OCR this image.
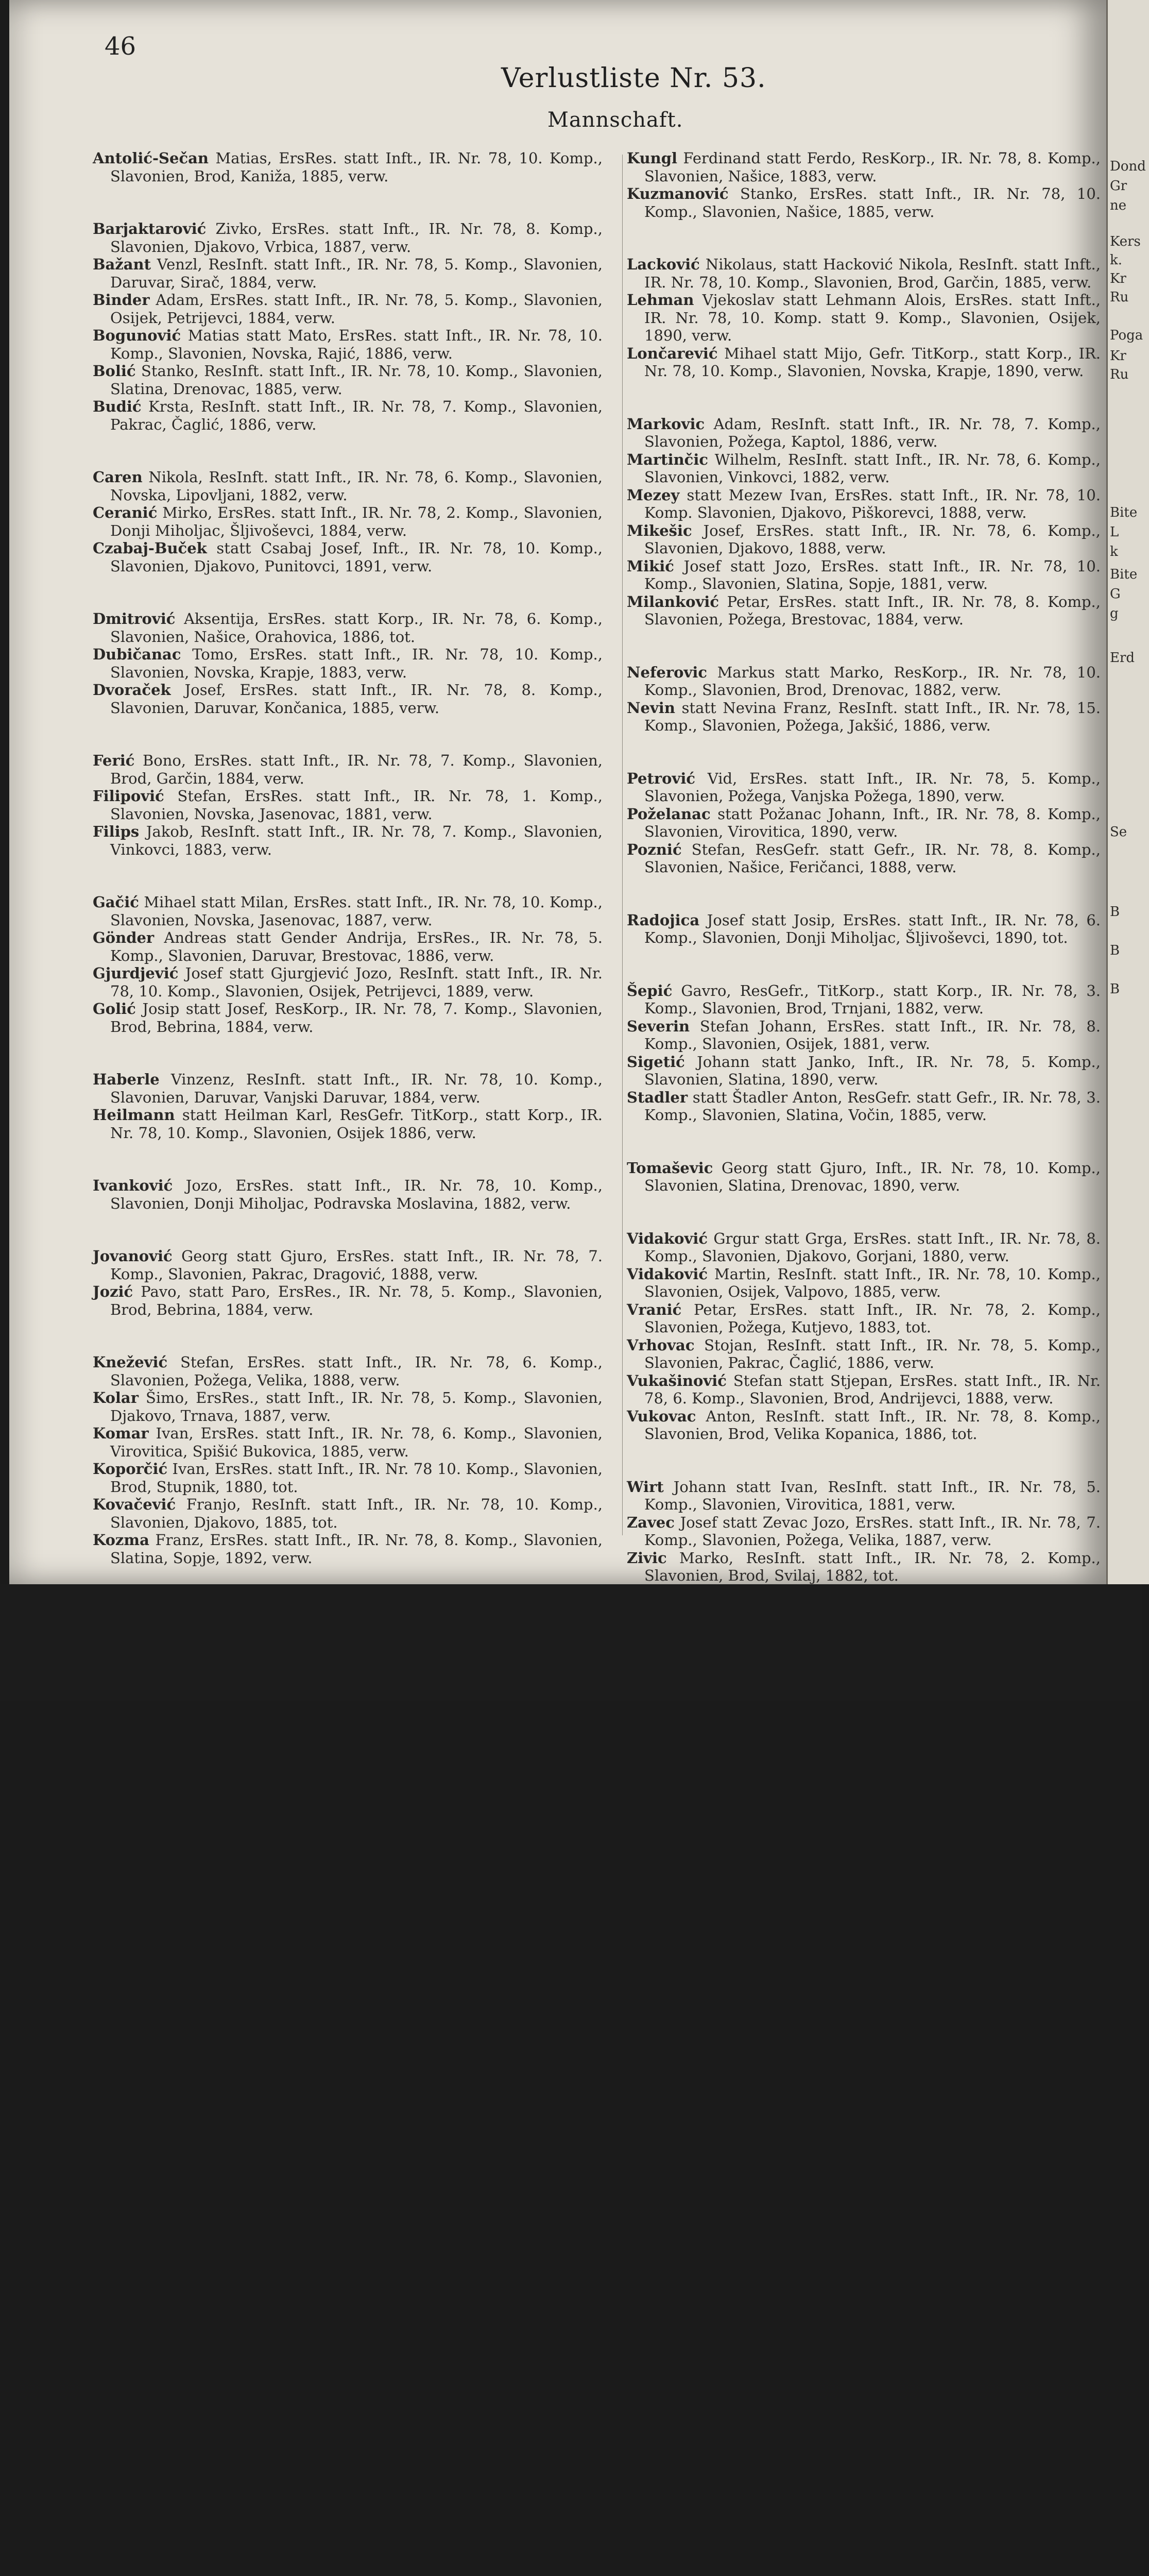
46
Verlustliste Nr. 53.
Mannschaft.
Dond
Gr
ne
Kers
k.
Kr
Ru
Poga
Kr
Ru
Bite
L
k
Bite
G
g
Erd
Se
B
B
B

Antolić-Sečan Matias, ErsRes. statt Inft., IR. Nr. 78, 10. Komp., Slavonien, Brod, Kaniža, 1885, verw.

Barjaktarović Zivko, ErsRes. statt Inft., IR. Nr. 78, 8. Komp., Slavonien, Djakovo, Vrbica, 1887, verw.

Bažant Venzl, ResInft. statt Inft., IR. Nr. 78, 5. Komp., Slavonien, Daruvar, Sirač, 1884, verw.

Binder Adam, ErsRes. statt Inft., IR. Nr. 78, 5. Komp., Slavonien, Osijek, Petrijevci, 1884, verw.

Bogunović Matias statt Mato, ErsRes. statt Inft., IR. Nr. 78, 10. Komp., Slavonien, Novska, Rajić, 1886, verw.

Bolić Stanko, ResInft. statt Inft., IR. Nr. 78, 10. Komp., Slavonien, Slatina, Drenovac, 1885, verw.

Budić Krsta, ResInft. statt Inft., IR. Nr. 78, 7. Komp., Slavonien, Pakrac, Čaglić, 1886, verw.

Caren Nikola, ResInft. statt Inft., IR. Nr. 78, 6. Komp., Slavonien, Novska, Lipovljani, 1882, verw.

Ceranić Mirko, ErsRes. statt Inft., IR. Nr. 78, 2. Komp., Slavonien, Donji Miholjac, Šljivoševci, 1884, verw.

Czabaj-Buček statt Csabaj Josef, Inft., IR. Nr. 78, 10. Komp., Slavonien, Djakovo, Punitovci, 1891, verw.

Dmitrović Aksentija, ErsRes. statt Korp., IR. Nr. 78, 6. Komp., Slavonien, Našice, Orahovica, 1886, tot.

Dubičanac Tomo, ErsRes. statt Inft., IR. Nr. 78, 10. Komp., Slavonien, Novska, Krapje, 1883, verw.

Dvoraček Josef, ErsRes. statt Inft., IR. Nr. 78, 8. Komp., Slavonien, Daruvar, Končanica, 1885, verw.

Ferić Bono, ErsRes. statt Inft., IR. Nr. 78, 7. Komp., Slavonien, Brod, Garčin, 1884, verw.

Filipović Stefan, ErsRes. statt Inft., IR. Nr. 78, 1. Komp., Slavonien, Novska, Jasenovac, 1881, verw.

Filips Jakob, ResInft. statt Inft., IR. Nr. 78, 7. Komp., Slavonien, Vinkovci, 1883, verw.

Gačić Mihael statt Milan, ErsRes. statt Inft., IR. Nr. 78, 10. Komp., Slavonien, Novska, Jasenovac, 1887, verw.

Gönder Andreas statt Gender Andrija, ErsRes., IR. Nr. 78, 5. Komp., Slavonien, Daruvar, Brestovac, 1886, verw.

Gjurdjević Josef statt Gjurgjević Jozo, ResInft. statt Inft., IR. Nr. 78, 10. Komp., Slavonien, Osijek, Petrijevci, 1889, verw.

Golić Josip statt Josef, ResKorp., IR. Nr. 78, 7. Komp., Slavonien, Brod, Bebrina, 1884, verw.

Haberle Vinzenz, ResInft. statt Inft., IR. Nr. 78, 10. Komp., Slavonien, Daruvar, Vanjski Daruvar, 1884, verw.

Heilmann statt Heilman Karl, ResGefr. TitKorp., statt Korp., IR. Nr. 78, 10. Komp., Slavonien, Osijek 1886, verw.

Ivanković Jozo, ErsRes. statt Inft., IR. Nr. 78, 10. Komp., Slavonien, Donji Miholjac, Podravska Moslavina, 1882, verw.

Jovanović Georg statt Gjuro, ErsRes. statt Inft., IR. Nr. 78, 7. Komp., Slavonien, Pakrac, Dragović, 1888, verw.

Jozić Pavo, statt Paro, ErsRes., IR. Nr. 78, 5. Komp., Slavonien, Brod, Bebrina, 1884, verw.

Knežević Stefan, ErsRes. statt Inft., IR. Nr. 78, 6. Komp., Slavonien, Požega, Velika, 1888, verw.

Kolar Šimo, ErsRes., statt Inft., IR. Nr. 78, 5. Komp., Slavonien, Djakovo, Trnava, 1887, verw.

Komar Ivan, ErsRes. statt Inft., IR. Nr. 78, 6. Komp., Slavonien, Virovitica, Spišić Bukovica, 1885, verw.

Koporčić Ivan, ErsRes. statt Inft., IR. Nr. 78 10. Komp., Slavonien, Brod, Stupnik, 1880, tot.

Kovačević Franjo, ResInft. statt Inft., IR. Nr. 78, 10. Komp., Slavonien, Djakovo, 1885, tot.

Kozma Franz, ErsRes. statt Inft., IR. Nr. 78, 8. Komp., Slavonien, Slatina, Sopje, 1892, verw.

Kungl Ferdinand statt Ferdo, ResKorp., IR. Nr. 78, 8. Komp., Slavonien, Našice, 1883, verw.

Kuzmanović Stanko, ErsRes. statt Inft., IR. Nr. 78, 10. Komp., Slavonien, Našice, 1885, verw.

Lacković Nikolaus, statt Hacković Nikola, ResInft. statt Inft., IR. Nr. 78, 10. Komp., Slavonien, Brod, Garčin, 1885, verw.

Lehman Vjekoslav statt Lehmann Alois, ErsRes. statt Inft., IR. Nr. 78, 10. Komp. statt 9. Komp., Slavonien, Osijek, 1890, verw.

Lončarević Mihael statt Mijo, Gefr. TitKorp., statt Korp., IR. Nr. 78, 10. Komp., Slavonien, Novska, Krapje, 1890, verw.

Markovic Adam, ResInft. statt Inft., IR. Nr. 78, 7. Komp., Slavonien, Požega, Kaptol, 1886, verw.

Martinčic Wilhelm, ResInft. statt Inft., IR. Nr. 78, 6. Komp., Slavonien, Vinkovci, 1882, verw.

Mezey statt Mezew Ivan, ErsRes. statt Inft., IR. Nr. 78, 10. Komp. Slavonien, Djakovo, Piškorevci, 1888, verw.

Mikešic Josef, ErsRes. statt Inft., IR. Nr. 78, 6. Komp., Slavonien, Djakovo, 1888, verw.

Mikić Josef statt Jozo, ErsRes. statt Inft., IR. Nr. 78, 10. Komp., Slavonien, Slatina, Sopje, 1881, verw.

Milanković Petar, ErsRes. statt Inft., IR. Nr. 78, 8. Komp., Slavonien, Požega, Brestovac, 1884, verw.

Neferovic Markus statt Marko, ResKorp., IR. Nr. 78, 10. Komp., Slavonien, Brod, Drenovac, 1882, verw.

Nevin statt Nevina Franz, ResInft. statt Inft., IR. Nr. 78, 15. Komp., Slavonien, Požega, Jakšić, 1886, verw.

Petrović Vid, ErsRes. statt Inft., IR. Nr. 78, 5. Komp., Slavonien, Požega, Vanjska Požega, 1890, verw.

Poželanac statt Požanac Johann, Inft., IR. Nr. 78, 8. Komp., Slavonien, Virovitica, 1890, verw.

Poznić Stefan, ResGefr. statt Gefr., IR. Nr. 78, 8. Komp., Slavonien, Našice, Feričanci, 1888, verw.

Radojica Josef statt Josip, ErsRes. statt Inft., IR. Nr. 78, 6. Komp., Slavonien, Donji Miholjac, Šljivoševci, 1890, tot.

Šepić Gavro, ResGefr., TitKorp., statt Korp., IR. Nr. 78, 3. Komp., Slavonien, Brod, Trnjani, 1882, verw.

Severin Stefan Johann, ErsRes. statt Inft., IR. Nr. 78, 8. Komp., Slavonien, Osijek, 1881, verw.

Sigetić Johann statt Janko, Inft., IR. Nr. 78, 5. Komp., Slavonien, Slatina, 1890, verw.

Stadler statt Štadler Anton, ResGefr. statt Gefr., IR. Nr. 78, 3. Komp., Slavonien, Slatina, Vočin, 1885, verw.

Tomaševic Georg statt Gjuro, Inft., IR. Nr. 78, 10. Komp., Slavonien, Slatina, Drenovac, 1890, verw.

Vidaković Grgur statt Grga, ErsRes. statt Inft., IR. Nr. 78, 8. Komp., Slavonien, Djakovo, Gorjani, 1880, verw.

Vidaković Martin, ResInft. statt Inft., IR. Nr. 78, 10. Komp., Slavonien, Osijek, Valpovo, 1885, verw.

Vranić Petar, ErsRes. statt Inft., IR. Nr. 78, 2. Komp., Slavonien, Požega, Kutjevo, 1883, tot.

Vrhovac Stojan, ResInft. statt Inft., IR. Nr. 78, 5. Komp., Slavonien, Pakrac, Čaglić, 1886, verw.

Vukašinović Stefan statt Stjepan, ErsRes. statt Inft., IR. Nr. 78, 6. Komp., Slavonien, Brod, Andrijevci, 1888, verw.

Vukovac Anton, ResInft. statt Inft., IR. Nr. 78, 8. Komp., Slavonien, Brod, Velika Kopanica, 1886, tot.

Wirt Johann statt Ivan, ResInft. statt Inft., IR. Nr. 78, 5. Komp., Slavonien, Virovitica, 1881, verw.

Zavec Josef statt Zevac Jozo, ErsRes. statt Inft., IR. Nr. 78, 7. Komp., Slavonien, Požega, Velika, 1887, verw.

Zivic Marko, ResInft. statt Inft., IR. Nr. 78, 2. Komp., Slavonien, Brod, Svilaj, 1882, tot.
